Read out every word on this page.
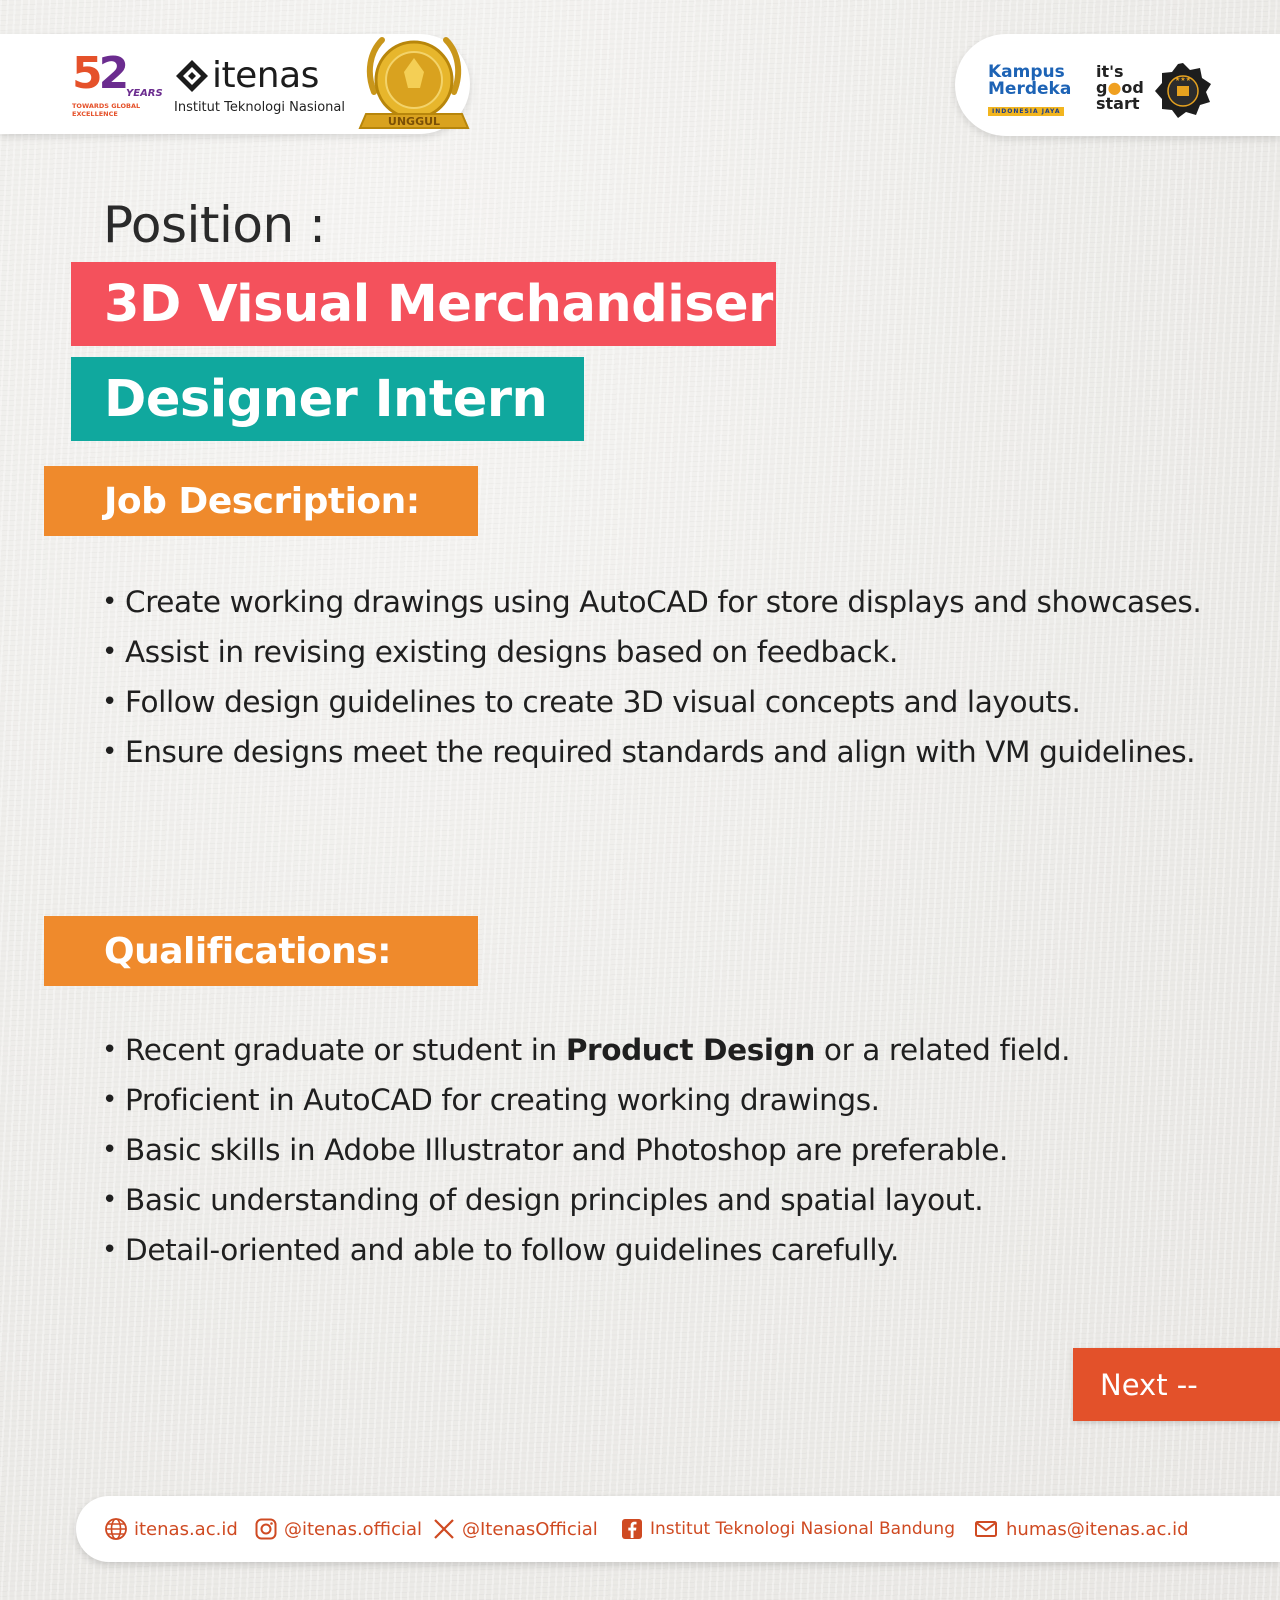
52 YEARS
TOWARDS GLOBAL
EXCELLENCE
itenas
Institut Teknologi Nasional
UNGGUL
Kampus
Merdeka
INDONESIA JAYA
it's
g●od
start
★★★
Position :
3D Visual Merchandiser
Designer Intern
Job Description:
• Create working drawings using AutoCAD for store displays and showcases.
• Assist in revising existing designs based on feedback.
• Follow design guidelines to create 3D visual concepts and layouts.
• Ensure designs meet the required standards and align with VM guidelines.
Qualifications:
• Recent graduate or student in Product Design or a related field.
• Proficient in AutoCAD for creating working drawings.
• Basic skills in Adobe Illustrator and Photoshop are preferable.
• Basic understanding of design principles and spatial layout.
• Detail-oriented and able to follow guidelines carefully.
Next --
itenas.ac.id	@itenas.official @ItenasOfficial	Institut Teknologi Nasional Bandung	humas@itenas.ac.id
